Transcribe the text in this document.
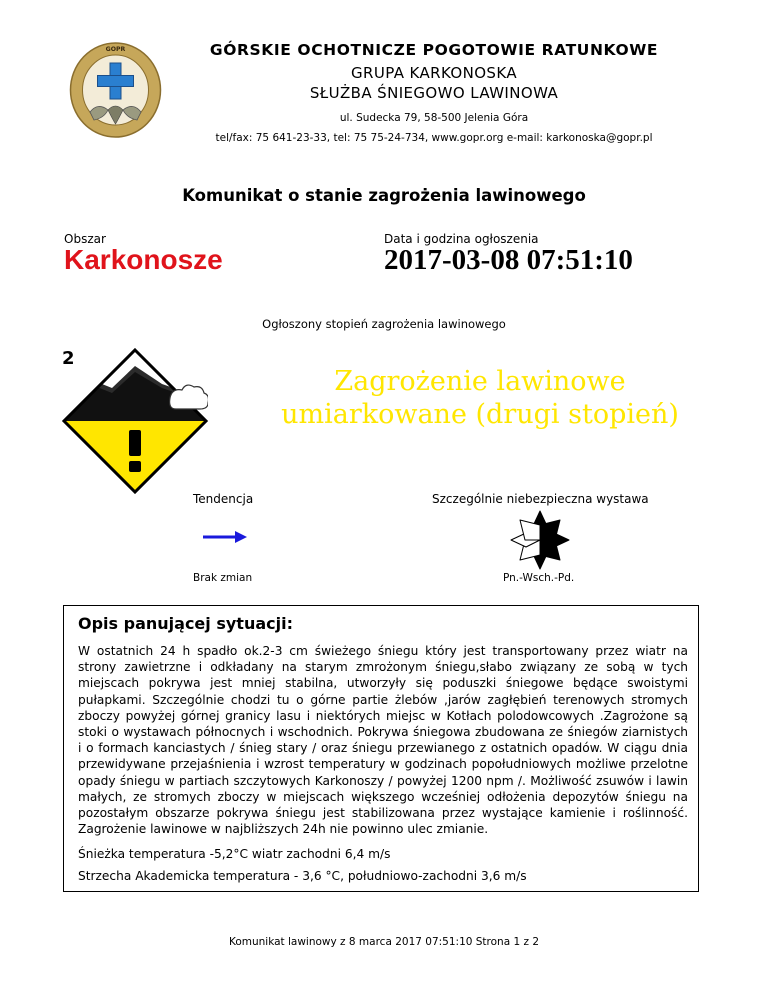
GOPR	GÓRSKIE OCHOTNICZE POGOTOWIE RATUNKOWE
GRUPA KARKONOSKA
SŁUŻBA ŚNIEGOWO LAWINOWA
ul. Sudecka 79, 58-500 Jelenia Góra
tel/fax: 75 641-23-33, tel: 75 75-24-734, www.gopr.org e-mail: karkonoska@gopr.pl
Komunikat o stanie zagrożenia lawinowego
Obszar
Karkonosze
Data i godzina ogłoszenia
2017-03-08 07:51:10
Ogłoszony stopień zagrożenia lawinowego
2
Zagrożenie lawinowe umiarkowane (drugi stopień)
Tendencja
Brak zmian
Szczególnie niebezpieczna wystawa
Pn.-Wsch.-Pd.
Opis panującej sytuacji:
W ostatnich 24 h spadło ok.2-3 cm świeżego śniegu który jest transportowany przez wiatr na strony zawietrzne i odkładany na starym zmrożonym śniegu,słabo związany ze sobą w tych miejscach pokrywa jest mniej stabilna, utworzyły się poduszki śniegowe będące swoistymi pułapkami. Szczególnie chodzi tu o górne partie żlebów ,jarów zagłębień terenowych stromych zboczy powyżej górnej granicy lasu i niektórych miejsc w Kotłach polodowcowych .Zagrożone są stoki o wystawach północnych i wschodnich. Pokrywa śniegowa zbudowana ze śniegów ziarnistych i o formach kanciastych / śnieg stary / oraz śniegu przewianego z ostatnich opadów. W ciągu dnia przewidywane przejaśnienia i wzrost temperatury w godzinach popołudniowych możliwe przelotne opady śniegu w partiach szczytowych Karkonoszy / powyżej 1200 npm /. Możliwość zsuwów i lawin małych, ze stromych zboczy w miejscach większego wcześniej odłożenia depozytów śniegu na pozostałym obszarze pokrywa śniegu jest stabilizowana przez wystające kamienie i roślinność. Zagrożenie lawinowe w najbliższych 24h nie powinno ulec zmianie.
Śnieżka temperatura -5,2°C wiatr zachodni 6,4 m/s
Strzecha Akademicka temperatura - 3,6 °C, południowo-zachodni 3,6 m/s
Komunikat lawinowy z 8 marca 2017 07:51:10 Strona 1 z 2
